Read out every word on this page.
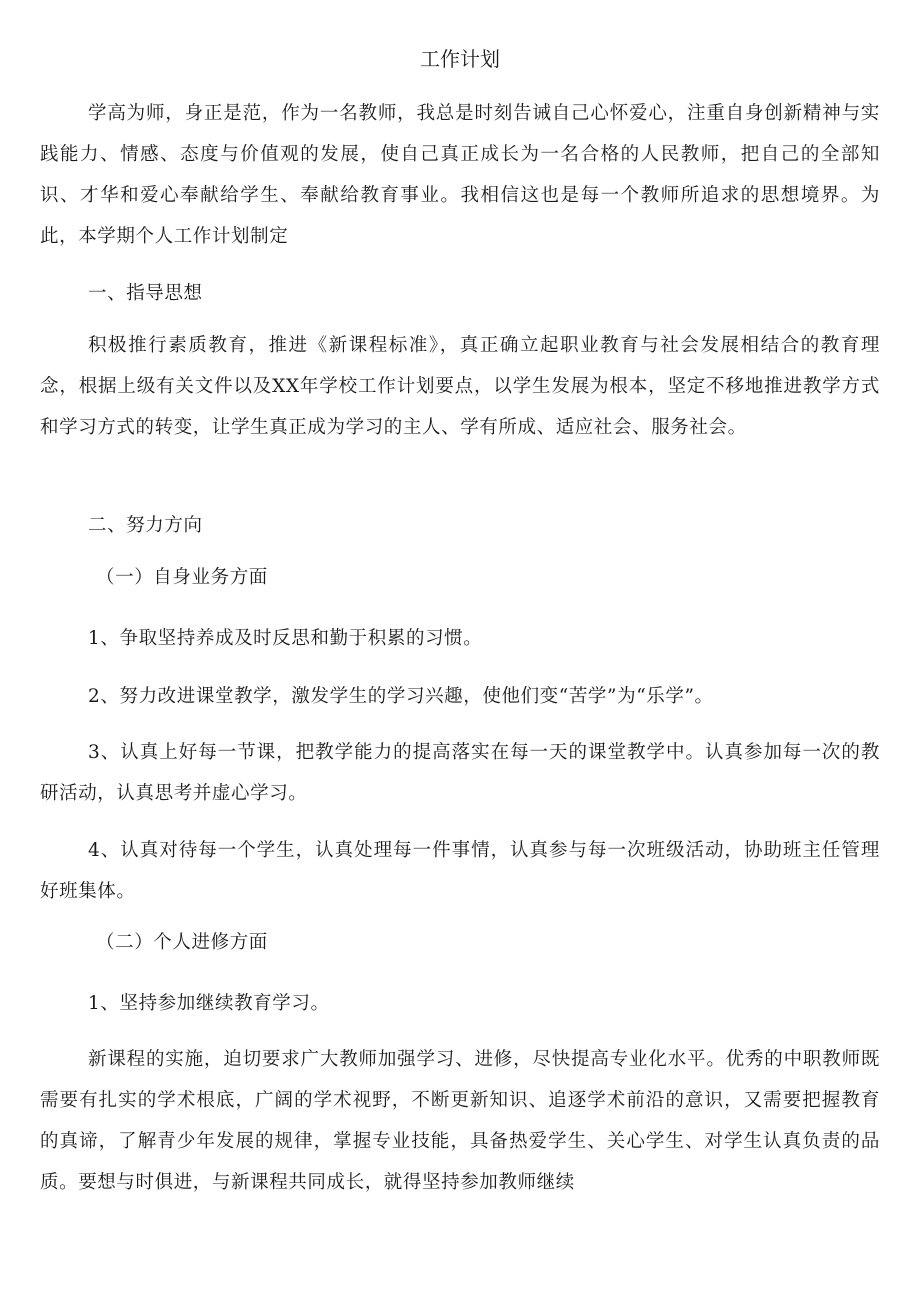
工作计划

学高为师，身正是范，作为一名教师，我总是时刻告诫自己心怀爱心，注重自身创新精神与实践能力、情感、态度与价值观的发展，使自己真正成长为一名合格的人民教师，把自己的全部知识、才华和爱心奉献给学生、奉献给教育事业。我相信这也是每一个教师所追求的思想境界。为此，本学期个人工作计划制定

一、指导思想

积极推行素质教育，推进《新课程标准》，真正确立起职业教育与社会发展相结合的教育理念，根据上级有关文件以及XX年学校工作计划要点，以学生发展为根本，坚定不移地推进教学方式和学习方式的转变，让学生真正成为学习的主人、学有所成、适应社会、服务社会。

二、努力方向

（一）自身业务方面

1、争取坚持养成及时反思和勤于积累的习惯。

2、努力改进课堂教学，激发学生的学习兴趣，使他们变“苦学”为“乐学”。

3、认真上好每一节课，把教学能力的提高落实在每一天的课堂教学中。认真参加每一次的教研活动，认真思考并虚心学习。

4、认真对待每一个学生，认真处理每一件事情，认真参与每一次班级活动，协助班主任管理好班集体。

（二）个人进修方面

1、坚持参加继续教育学习。

新课程的实施，迫切要求广大教师加强学习、进修，尽快提高专业化水平。优秀的中职教师既需要有扎实的学术根底，广阔的学术视野，不断更新知识、追逐学术前沿的意识，又需要把握教育的真谛，了解青少年发展的规律，掌握专业技能，具备热爱学生、关心学生、对学生认真负责的品质。要想与时俱进，与新课程共同成长，就得坚持参加教师继续
